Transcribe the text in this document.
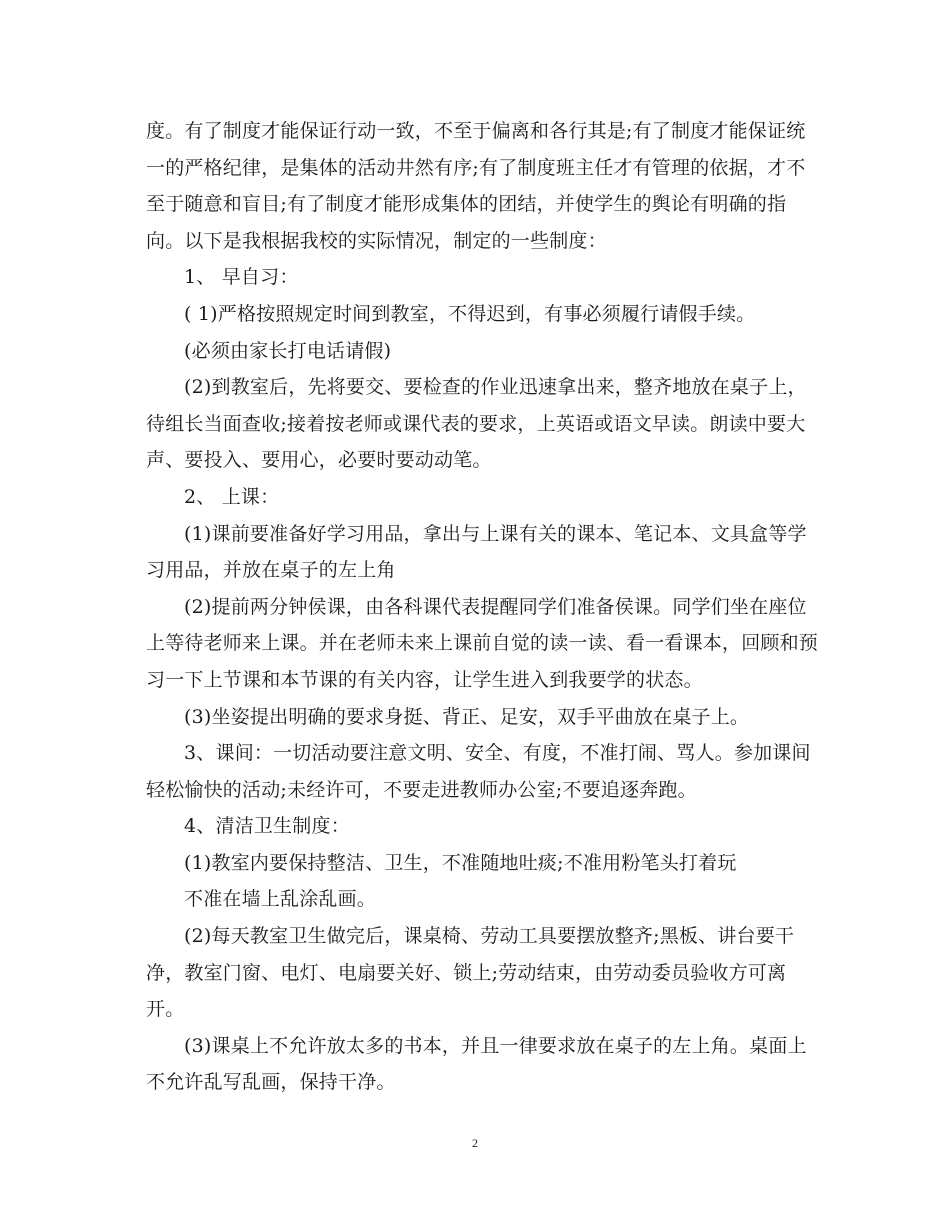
度。有了制度才能保证行动一致，不至于偏离和各行其是;有了制度才能保证统
一的严格纪律，是集体的活动井然有序;有了制度班主任才有管理的依据，才不
至于随意和盲目;有了制度才能形成集体的团结，并使学生的舆论有明确的指
向。以下是我根据我校的实际情况，制定的一些制度：
1、 早自习：
( 1)严格按照规定时间到教室，不得迟到，有事必须履行请假手续。
(必须由家长打电话请假)
(2)到教室后，先将要交、要检查的作业迅速拿出来，整齐地放在桌子上，
待组长当面查收;接着按老师或课代表的要求，上英语或语文早读。朗读中要大
声、要投入、要用心，必要时要动动笔。
2、 上课：
(1)课前要准备好学习用品，拿出与上课有关的课本、笔记本、文具盒等学
习用品，并放在桌子的左上角
(2)提前两分钟侯课，由各科课代表提醒同学们准备侯课。同学们坐在座位
上等待老师来上课。并在老师未来上课前自觉的读一读、看一看课本，回顾和预
习一下上节课和本节课的有关内容，让学生进入到我要学的状态。
(3)坐姿提出明确的要求身挺、背正、足安，双手平曲放在桌子上。
3、课间：一切活动要注意文明、安全、有度，不准打闹、骂人。参加课间
轻松愉快的活动;未经许可，不要走进教师办公室;不要追逐奔跑。
4、清洁卫生制度：
(1)教室内要保持整洁、卫生，不准随地吐痰;不准用粉笔头打着玩
不准在墙上乱涂乱画。
(2)每天教室卫生做完后，课桌椅、劳动工具要摆放整齐;黑板、讲台要干
净，教室门窗、电灯、电扇要关好、锁上;劳动结束，由劳动委员验收方可离
开。
(3)课桌上不允许放太多的书本，并且一律要求放在桌子的左上角。桌面上
不允许乱写乱画，保持干净。
2
